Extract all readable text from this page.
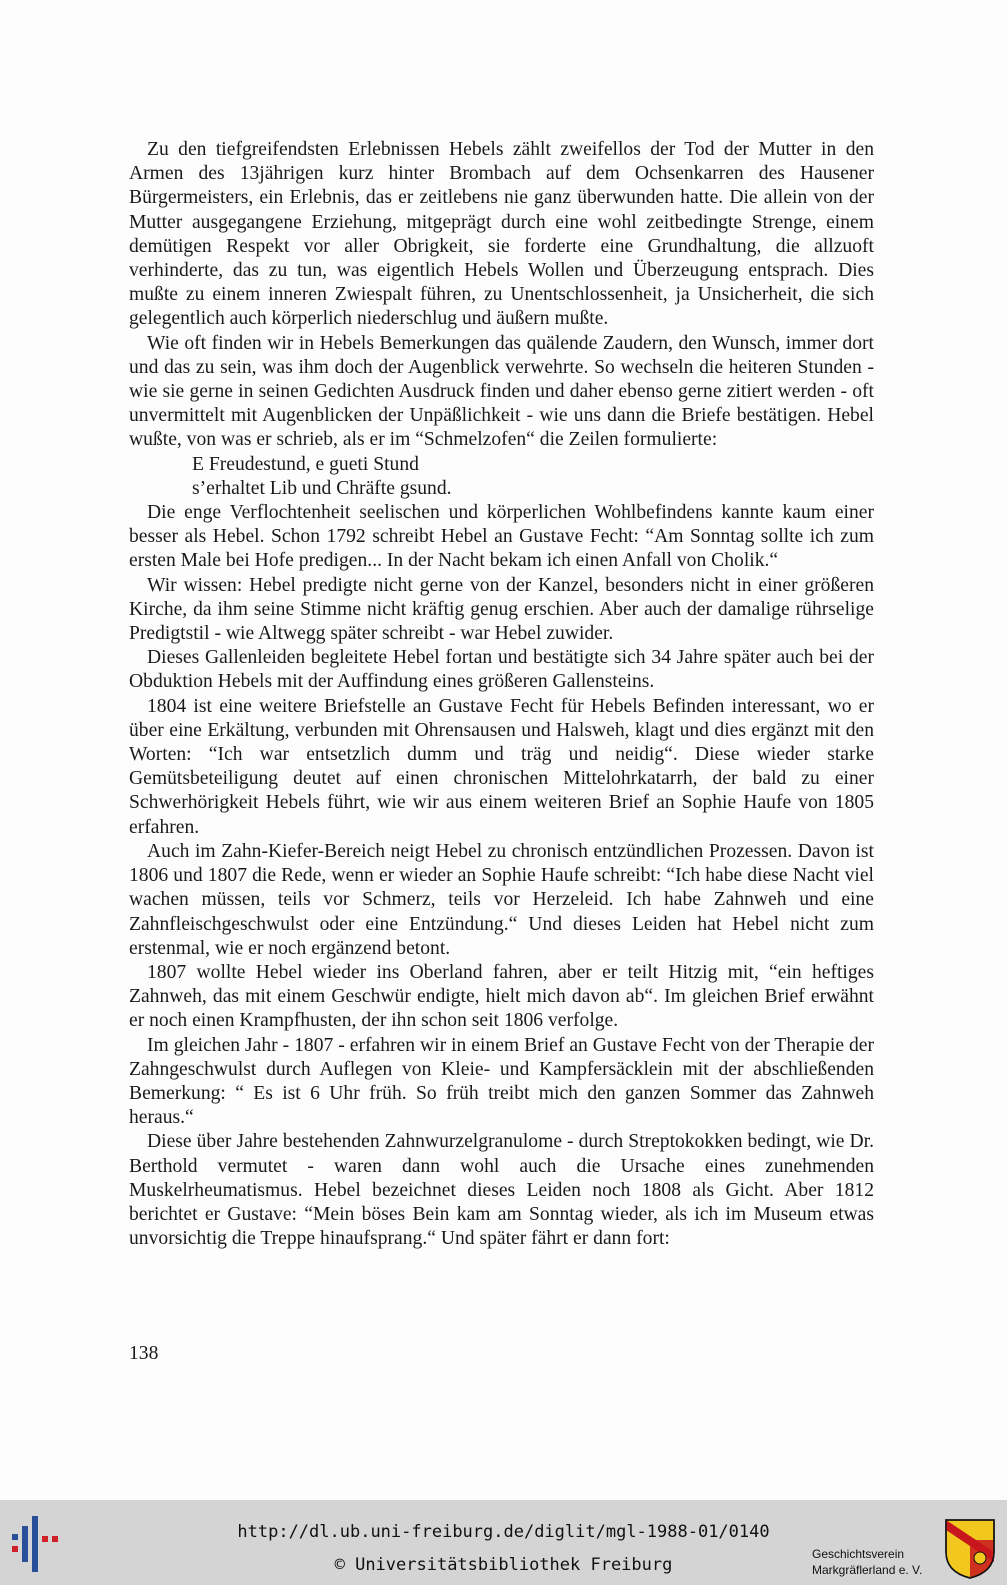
Zu den tiefgreifendsten Erlebnissen Hebels zählt zweifellos der Tod der Mutter in den Armen des 13jährigen kurz hinter Brombach auf dem Ochsenkarren des Hausener Bürgermeisters, ein Erlebnis, das er zeitlebens nie ganz überwunden hatte. Die allein von der Mutter ausgegangene Erziehung, mitgeprägt durch eine wohl zeitbedingte Strenge, einem demütigen Respekt vor aller Obrigkeit, sie forderte eine Grundhaltung, die allzuoft verhinderte, das zu tun, was eigentlich Hebels Wollen und Überzeugung entsprach. Dies mußte zu einem inneren Zwiespalt führen, zu Unentschlossenheit, ja Unsicherheit, die sich gelegentlich auch körperlich niederschlug und äußern mußte.

Wie oft finden wir in Hebels Bemerkungen das quälende Zaudern, den Wunsch, immer dort und das zu sein, was ihm doch der Augenblick verwehrte. So wechseln die heiteren Stunden - wie sie gerne in seinen Gedichten Ausdruck finden und daher ebenso gerne zitiert werden - oft unvermittelt mit Augenblicken der Unpäßlichkeit - wie uns dann die Briefe bestätigen. Hebel wußte, von was er schrieb, als er im “Schmelzofen“ die Zeilen formulierte:

E Freudestund, e gueti Stund

s’erhaltet Lib und Chräfte gsund.

Die enge Verflochtenheit seelischen und körperlichen Wohlbefindens kannte kaum einer besser als Hebel. Schon 1792 schreibt Hebel an Gustave Fecht: “Am Sonntag sollte ich zum ersten Male bei Hofe predigen... In der Nacht bekam ich einen Anfall von Cholik.“

Wir wissen: Hebel predigte nicht gerne von der Kanzel, besonders nicht in einer größeren Kirche, da ihm seine Stimme nicht kräftig genug erschien. Aber auch der damalige rührselige Predigtstil - wie Altwegg später schreibt - war Hebel zuwider.

Dieses Gallenleiden begleitete Hebel fortan und bestätigte sich 34 Jahre später auch bei der Obduktion Hebels mit der Auffindung eines größeren Gallensteins.

1804 ist eine weitere Briefstelle an Gustave Fecht für Hebels Befinden interessant, wo er über eine Erkältung, verbunden mit Ohrensausen und Halsweh, klagt und dies ergänzt mit den Worten: “Ich war entsetzlich dumm und träg und neidig“. Diese wieder starke Gemütsbeteiligung deutet auf einen chronischen Mittelohrkatarrh, der bald zu einer Schwerhörigkeit Hebels führt, wie wir aus einem weiteren Brief an Sophie Haufe von 1805 erfahren.

Auch im Zahn-Kiefer-Bereich neigt Hebel zu chronisch entzündlichen Prozessen. Davon ist 1806 und 1807 die Rede, wenn er wieder an Sophie Haufe schreibt: “Ich habe diese Nacht viel wachen müssen, teils vor Schmerz, teils vor Herzeleid. Ich habe Zahnweh und eine Zahnfleischgeschwulst oder eine Entzündung.“ Und dieses Leiden hat Hebel nicht zum erstenmal, wie er noch ergänzend betont.

1807 wollte Hebel wieder ins Oberland fahren, aber er teilt Hitzig mit, “ein heftiges Zahnweh, das mit einem Geschwür endigte, hielt mich davon ab“. Im gleichen Brief erwähnt er noch einen Krampfhusten, der ihn schon seit 1806 verfolge.

Im gleichen Jahr - 1807 - erfahren wir in einem Brief an Gustave Fecht von der Therapie der Zahngeschwulst durch Auflegen von Kleie- und Kampfersäcklein mit der abschließenden Bemerkung: “ Es ist 6 Uhr früh. So früh treibt mich den ganzen Sommer das Zahnweh heraus.“

Diese über Jahre bestehenden Zahnwurzelgranulome - durch Streptokokken bedingt, wie Dr. Berthold vermutet - waren dann wohl auch die Ursache eines zunehmenden Muskelrheumatismus. Hebel bezeichnet dieses Leiden noch 1808 als Gicht. Aber 1812 berichtet er Gustave: “Mein böses Bein kam am Sonntag wieder, als ich im Museum etwas unvorsichtig die Treppe hinaufsprang.“ Und später fährt er dann fort:

138
http://dl.ub.uni-freiburg.de/diglit/mgl-1988-01/0140
© Universitätsbibliothek Freiburg
Geschichtsverein
Markgräflerland e. V.
